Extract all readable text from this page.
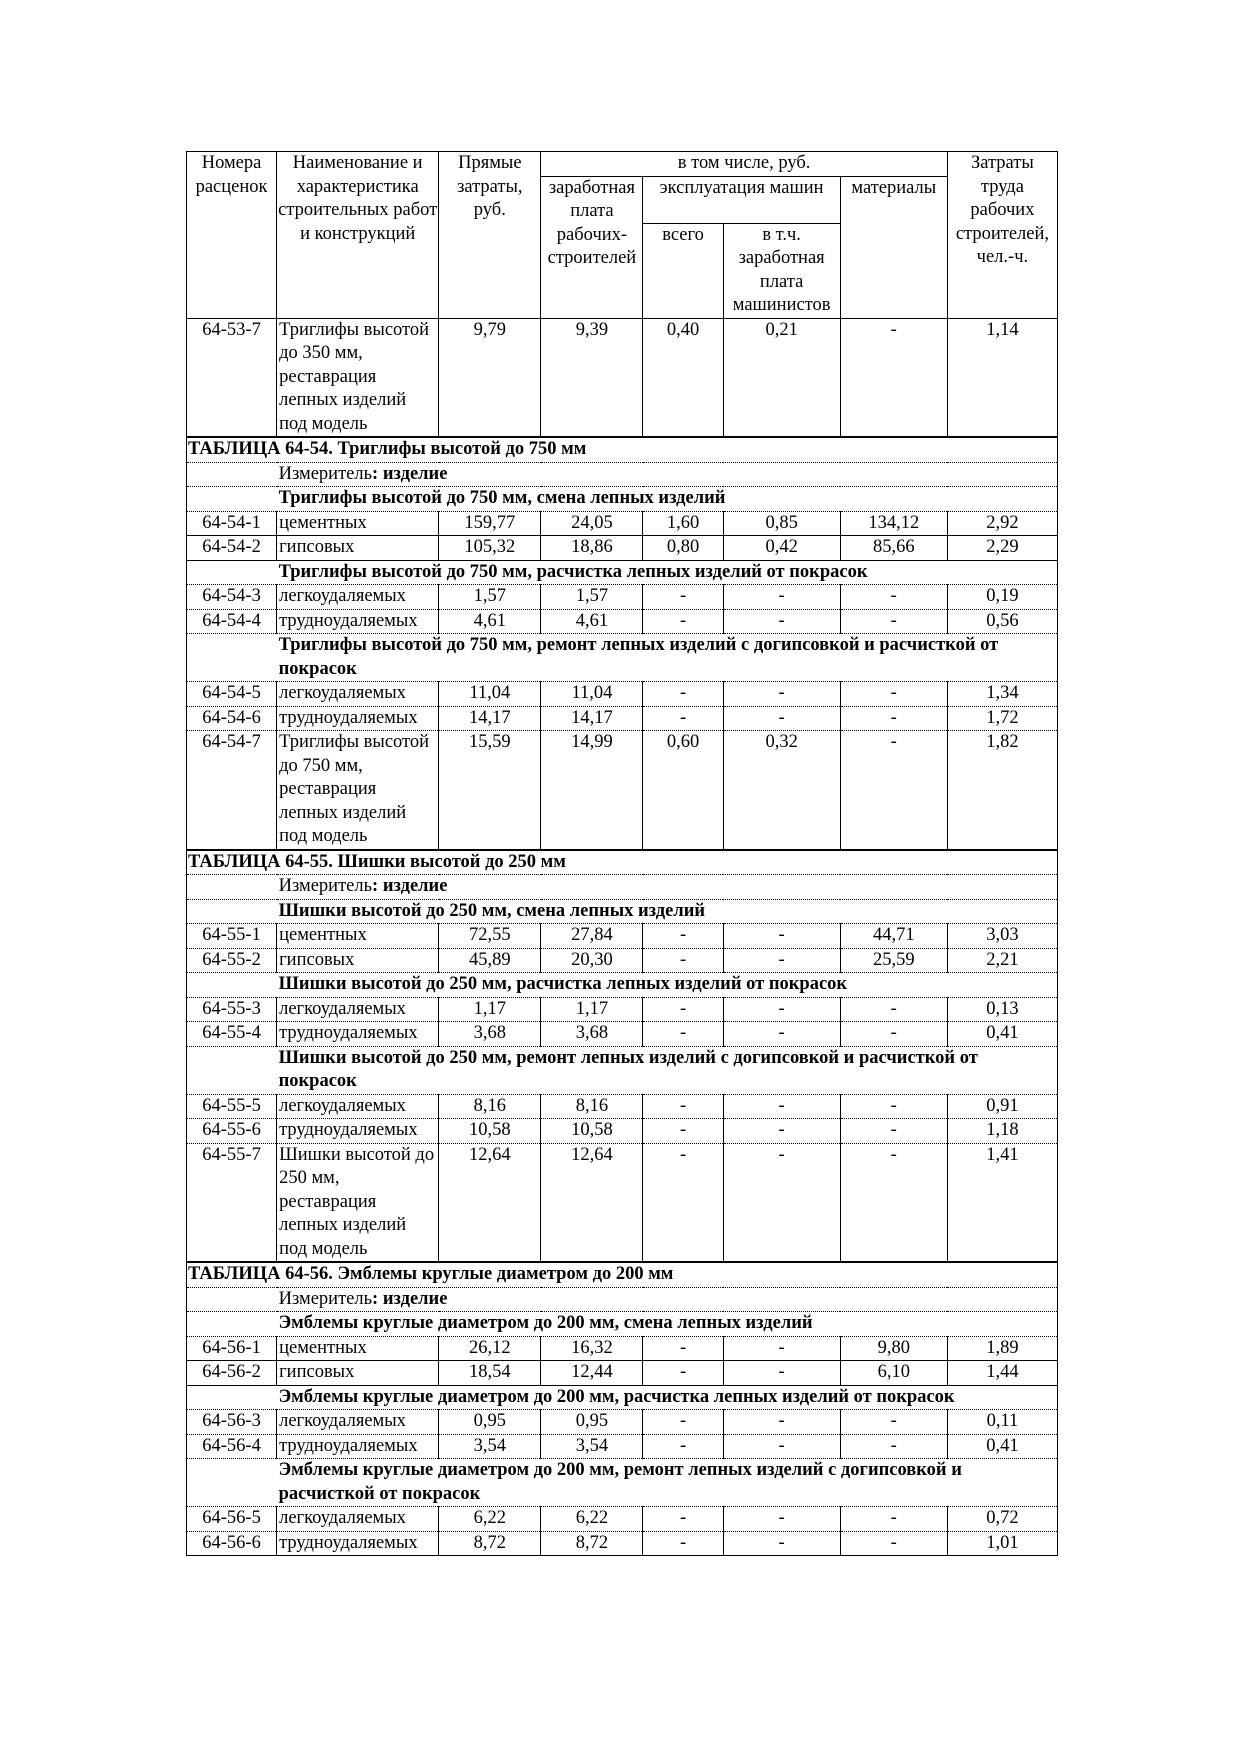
Номера расценок	Наименование и характеристика строительных работ и конструкций	Прямые затраты, руб.	в том числе, руб.				Затраты труда рабочих строителей, чел.-ч.
			заработная плата рабочих-строителей	эксплуатация машин		материалы	
				всего	в т.ч. заработная плата машинистов		
64-53-7	Триглифы высотой до 350 мм, реставрация лепных изделий под модель	9,79	9,39	0,40	0,21	-	1,14
ТАБЛИЦА 64-54. Триглифы высотой до 750 мм							
	Измеритель: изделие						
	Триглифы высотой до 750 мм, смена лепных изделий						
64-54-1	цементных	159,77	24,05	1,60	0,85	134,12	2,92
64-54-2	гипсовых	105,32	18,86	0,80	0,42	85,66	2,29
	Триглифы высотой до 750 мм, расчистка лепных изделий от покрасок						
64-54-3	легкоудаляемых	1,57	1,57	-	-	-	0,19
64-54-4	трудноудаляемых	4,61	4,61	-	-	-	0,56
	Триглифы высотой до 750 мм, ремонт лепных изделий с догипсовкой и расчисткой от покрасок						
64-54-5	легкоудаляемых	11,04	11,04	-	-	-	1,34
64-54-6	трудноудаляемых	14,17	14,17	-	-	-	1,72
64-54-7	Триглифы высотой до 750 мм, реставрация лепных изделий под модель	15,59	14,99	0,60	0,32	-	1,82
ТАБЛИЦА 64-55. Шишки высотой до 250 мм							
	Измеритель: изделие						
	Шишки высотой до 250 мм, смена лепных изделий						
64-55-1	цементных	72,55	27,84	-	-	44,71	3,03
64-55-2	гипсовых	45,89	20,30	-	-	25,59	2,21
	Шишки высотой до 250 мм, расчистка лепных изделий от покрасок						
64-55-3	легкоудаляемых	1,17	1,17	-	-	-	0,13
64-55-4	трудноудаляемых	3,68	3,68	-	-	-	0,41
	Шишки высотой до 250 мм, ремонт лепных изделий с догипсовкой и расчисткой от покрасок						
64-55-5	легкоудаляемых	8,16	8,16	-	-	-	0,91
64-55-6	трудноудаляемых	10,58	10,58	-	-	-	1,18
64-55-7	Шишки высотой до 250 мм, реставрация лепных изделий под модель	12,64	12,64	-	-	-	1,41
ТАБЛИЦА 64-56. Эмблемы круглые диаметром до 200 мм							
	Измеритель: изделие						
	Эмблемы круглые диаметром до 200 мм, смена лепных изделий						
64-56-1	цементных	26,12	16,32	-	-	9,80	1,89
64-56-2	гипсовых	18,54	12,44	-	-	6,10	1,44
	Эмблемы круглые диаметром до 200 мм, расчистка лепных изделий от покрасок						
64-56-3	легкоудаляемых	0,95	0,95	-	-	-	0,11
64-56-4	трудноудаляемых	3,54	3,54	-	-	-	0,41
	Эмблемы круглые диаметром до 200 мм, ремонт лепных изделий с догипсовкой и расчисткой от покрасок						
64-56-5	легкоудаляемых	6,22	6,22	-	-	-	0,72
64-56-6	трудноудаляемых	8,72	8,72	-	-	-	1,01
